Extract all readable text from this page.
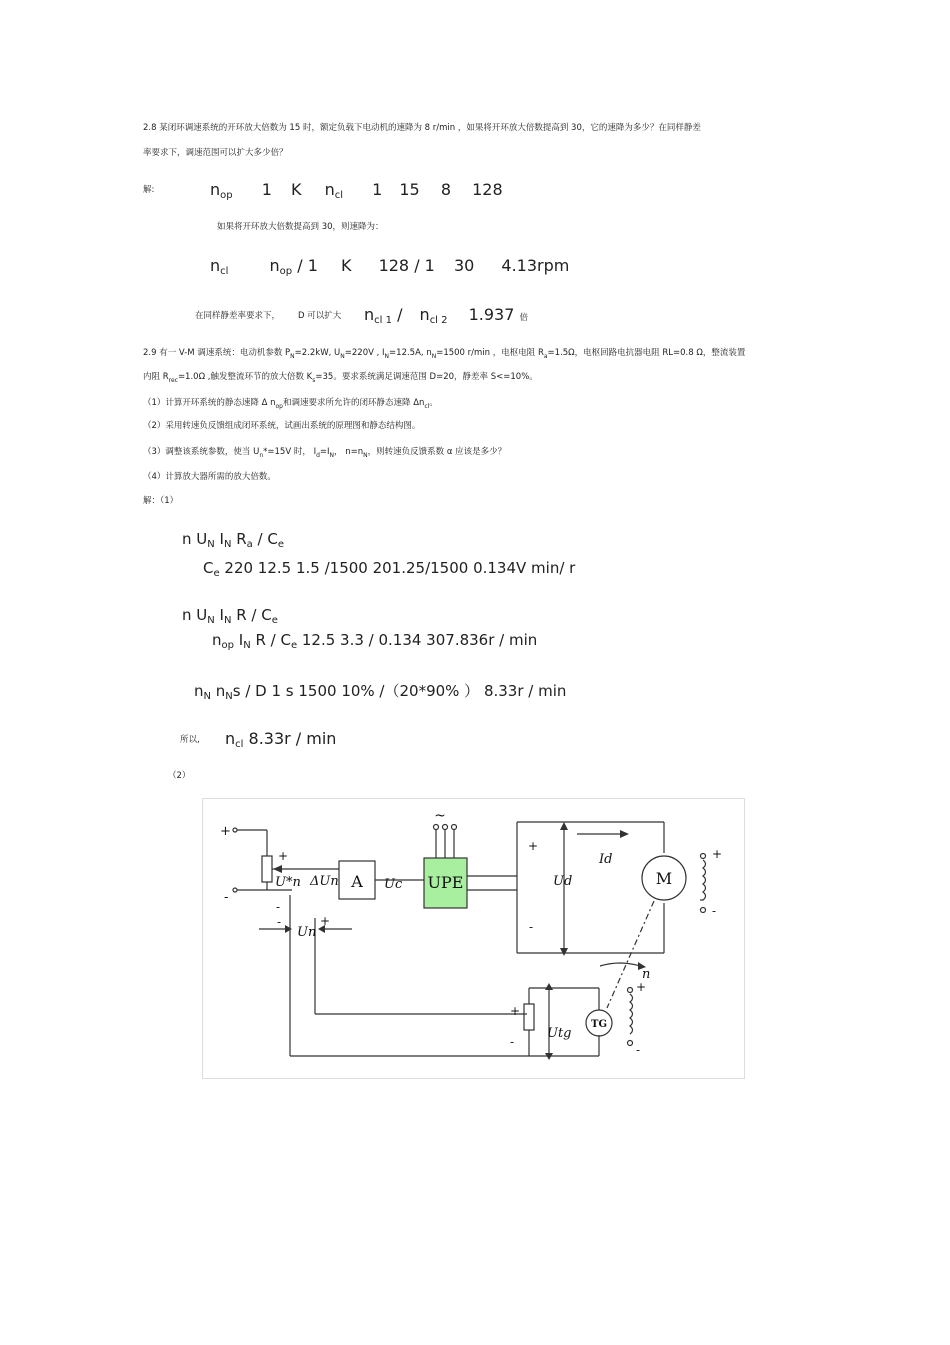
2.8 某闭环调速系统的开环放大倍数为 15 时，额定负载下电动机的速降为 8 r/min ，如果将开环放大倍数提高到 30，它的速降为多少？在同样静差
率要求下，调速范围可以扩大多少倍？
解:	$n_{op}$ 1 K $n_{cl}$ 1 15 8 128
如果将开环放大倍数提高到 30，则速降为：
$n_{cl}$	$n_{op} / 1$ K 128 / 1 30 4.13rpm
在同样静差率要求下， D 可以扩大 $n_{cl 1} / n_{cl 2}$ 1.937 倍
2.9 有一 V-M 调速系统：电动机参数 $P_N=2.2kW$, $U_N=220V$ , $I_N=12.5A$, $n_N=1500$ r/min ，电枢电阻 $R_a=1.5\Omega$，电枢回路电抗器电阻 RL=0.8 Ω，整流装置
内阻 $R_{rec}=1.0\Omega$ ,触发整流环节的放大倍数 $K_s=35$。要求系统满足调速范围 D=20，静差率 S<=10%。
（1）计算开环系统的静态速降 Δ $n_{op}$和调速要求所允许的闭环静态速降 $\Delta n_{cl}$。
（2）采用转速负反馈组成闭环系统，试画出系统的原理图和静态结构图。
（3）调整该系统参数，使当 $U_n*=15V$ 时， $I_d=I_N$， $n=n_N$，则转速负反馈系数 α 应该是多少？
（4）计算放大器所需的放大倍数。
解：（1）
n $U_N$ $I_N$ $R_a / C_e$
$C_e$ 220 12.5 1.5 /1500 201.25/1500 0.134V min/ r
n $U_N$ $I_N$ R / $C_e$
$n_{op}$ $I_N$ R / $C_e$ 12.5 3.3 / 0.134 307.836r / min
$n_N$ $n_Ns$ / D 1 s 1500 10% /（20*90% ） 8.33r / min
所以, $n_{cl}$ 8.33r / min
（2）
UPE
A	M
TG
~
U*n ΔUn	Uc
Un
Ud
Id
Utg
n
+
-
+
-
-	+
+
-
+
-
+
-
+
-
